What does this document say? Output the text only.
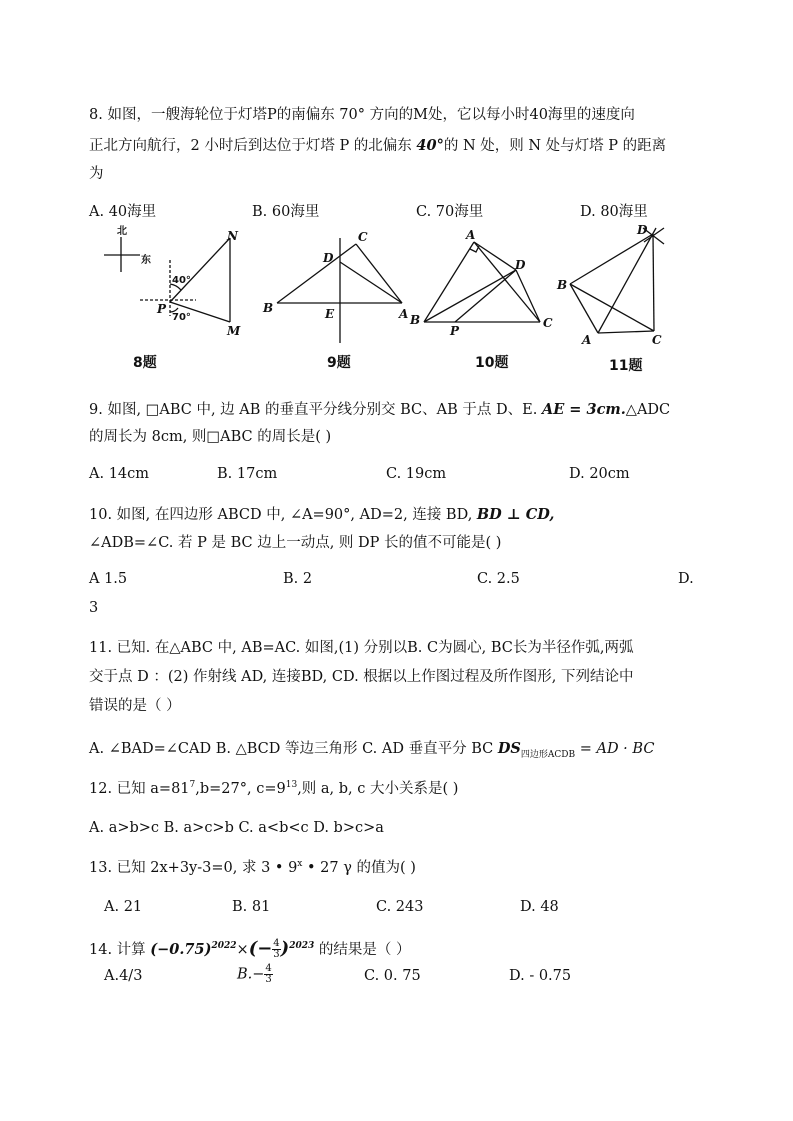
8. 如图，一艘海轮位于灯塔P的南偏东 70° 方向的M处，它以每小时40海里的速度向
正北方向航行，2 小时后到达位于灯塔 P 的北偏东 40°的 N 处，则 N 处与灯塔 P 的距离
为
A. 40海里	B. 60海里	C. 70海里	D. 80海里
北
东
40°
70°
P
N
M
B
C
D
E	A
A
B	C
D
P
B
D
A	C
8题	9题	10题	11题
9. 如图, □ABC 中, 边 AB 的垂直平分线分别交 BC、AB 于点 D、E. AE = 3cm.△ADC
的周长为 8cm, 则□ABC 的周长是( )
A. 14cm	B. 17cm	C. 19cm	D. 20cm
10. 如图, 在四边形 ABCD 中, ∠A=90°, AD=2, 连接 BD, BD ⊥ CD,
∠ADB=∠C. 若 P 是 BC 边上一动点, 则 DP 长的值不可能是( )
A 1.5	B. 2	C. 2.5	D.
3
11. 已知. 在△ABC 中, AB=AC. 如图,(1) 分别以B. C为圆心, BC长为半径作弧,两弧
交于点 D ：(2) 作射线 AD, 连接BD, CD. 根据以上作图过程及所作图形, 下列结论中
错误的是（ ）
A. ∠BAD=∠CAD B. △BCD 等边三角形 C. AD 垂直平分 BC $DS_{四边形ACDB}$ = AD · BC
12. 已知 $a=81^7,b=27^\circ$, $c=9^{13}$,则 a, b, c 大小关系是( )
A. a>b>c B. a>c>b C. a<b<c D. b>c>a
13. 已知 2x+3y-3=0, 求 3 • 9$^x$ • 27 γ 的值为( )
A. 21	B. 81	C. 243	D. 48
14. 计算 $(-0.75)^{2022}\times(- \frac{4}{3} )^{2023}$ 的结果是（ ）
A.4/3	$B.- \frac{4}{3}$	C. 0. 75	D. - 0.75
